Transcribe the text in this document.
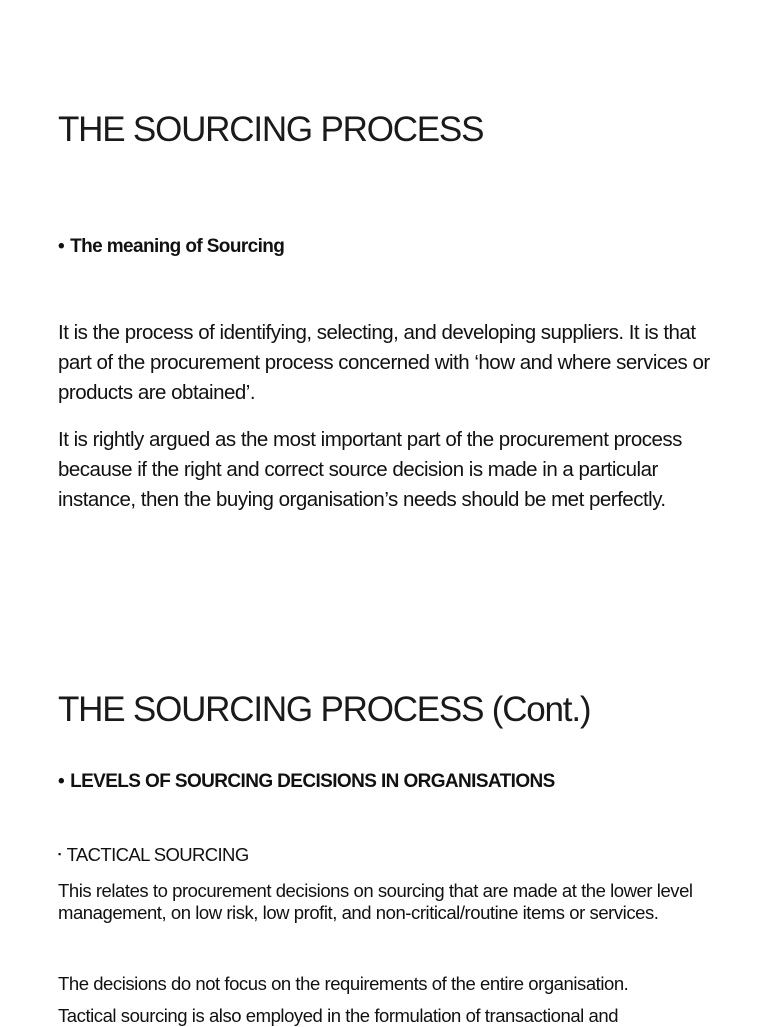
THE SOURCING PROCESS

• The meaning of Sourcing

It is the process of identifying, selecting, and developing suppliers. It is that part of the procurement process concerned with ‘how and where services or products are obtained’.

It is rightly argued as the most important part of the procurement process because if the right and correct source decision is made in a particular instance, then the buying organisation’s needs should be met perfectly.

THE SOURCING PROCESS (Cont.)

• LEVELS OF SOURCING DECISIONS IN ORGANISATIONS

▪ TACTICAL SOURCING

This relates to procurement decisions on sourcing that are made at the lower level management, on low risk, low profit, and non-critical/routine items or services.

The decisions do not focus on the requirements of the entire organisation.

Tactical sourcing is also employed in the formulation of transactional and
